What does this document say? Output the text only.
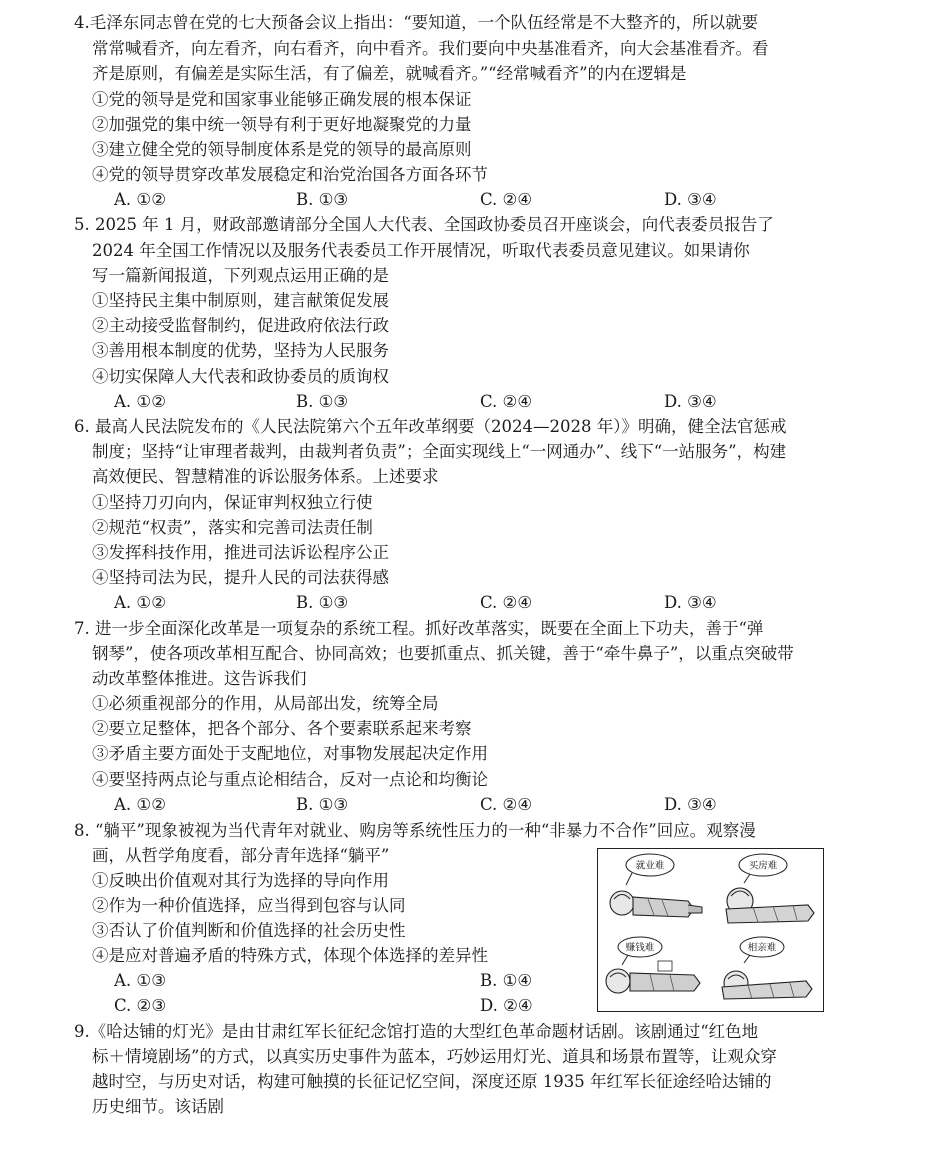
4.毛泽东同志曾在党的七大预备会议上指出：“要知道，一个队伍经常是不大整齐的，所以就要
常常喊看齐，向左看齐，向右看齐，向中看齐。我们要向中央基准看齐，向大会基准看齐。看
齐是原则，有偏差是实际生活，有了偏差，就喊看齐。”“经常喊看齐”的内在逻辑是
①党的领导是党和国家事业能够正确发展的根本保证
②加强党的集中统一领导有利于更好地凝聚党的力量
③建立健全党的领导制度体系是党的领导的最高原则
④党的领导贯穿改革发展稳定和治党治国各方面各环节
A. ①②	B. ①③	C. ②④	D. ③④
5. 2025 年 1 月，财政部邀请部分全国人大代表、全国政协委员召开座谈会，向代表委员报告了
2024 年全国工作情况以及服务代表委员工作开展情况，听取代表委员意见建议。如果请你
写一篇新闻报道，下列观点运用正确的是
①坚持民主集中制原则，建言献策促发展
②主动接受监督制约，促进政府依法行政
③善用根本制度的优势，坚持为人民服务
④切实保障人大代表和政协委员的质询权
A. ①②	B. ①③	C. ②④	D. ③④
6. 最高人民法院发布的《人民法院第六个五年改革纲要（2024—2028 年）》明确，健全法官惩戒
制度；坚持“让审理者裁判，由裁判者负责”；全面实现线上“一网通办”、线下“一站服务”，构建
高效便民、智慧精准的诉讼服务体系。上述要求
①坚持刀刃向内，保证审判权独立行使
②规范“权责”，落实和完善司法责任制
③发挥科技作用，推进司法诉讼程序公正
④坚持司法为民，提升人民的司法获得感
A. ①②	B. ①③	C. ②④	D. ③④
7. 进一步全面深化改革是一项复杂的系统工程。抓好改革落实，既要在全面上下功夫，善于“弹
钢琴”，使各项改革相互配合、协同高效；也要抓重点、抓关键，善于“牵牛鼻子”，以重点突破带
动改革整体推进。这告诉我们
①必须重视部分的作用，从局部出发，统筹全局
②要立足整体，把各个部分、各个要素联系起来考察
③矛盾主要方面处于支配地位，对事物发展起决定作用
④要坚持两点论与重点论相结合，反对一点论和均衡论
A. ①②	B. ①③	C. ②④	D. ③④
8. “躺平”现象被视为当代青年对就业、购房等系统性压力的一种“非暴力不合作”回应。观察漫
画，从哲学角度看，部分青年选择“躺平”
①反映出价值观对其行为选择的导向作用
②作为一种价值选择，应当得到包容与认同
③否认了价值判断和价值选择的社会历史性
④是应对普遍矛盾的特殊方式，体现个体选择的差异性
A. ①③	B. ①④
C. ②③	D. ②④
就业难	买房难
赚钱难	相亲难
9.《哈达铺的灯光》是由甘肃红军长征纪念馆打造的大型红色革命题材话剧。该剧通过“红色地
标＋情境剧场”的方式，以真实历史事件为蓝本，巧妙运用灯光、道具和场景布置等，让观众穿
越时空，与历史对话，构建可触摸的长征记忆空间，深度还原 1935 年红军长征途经哈达铺的
历史细节。该话剧
